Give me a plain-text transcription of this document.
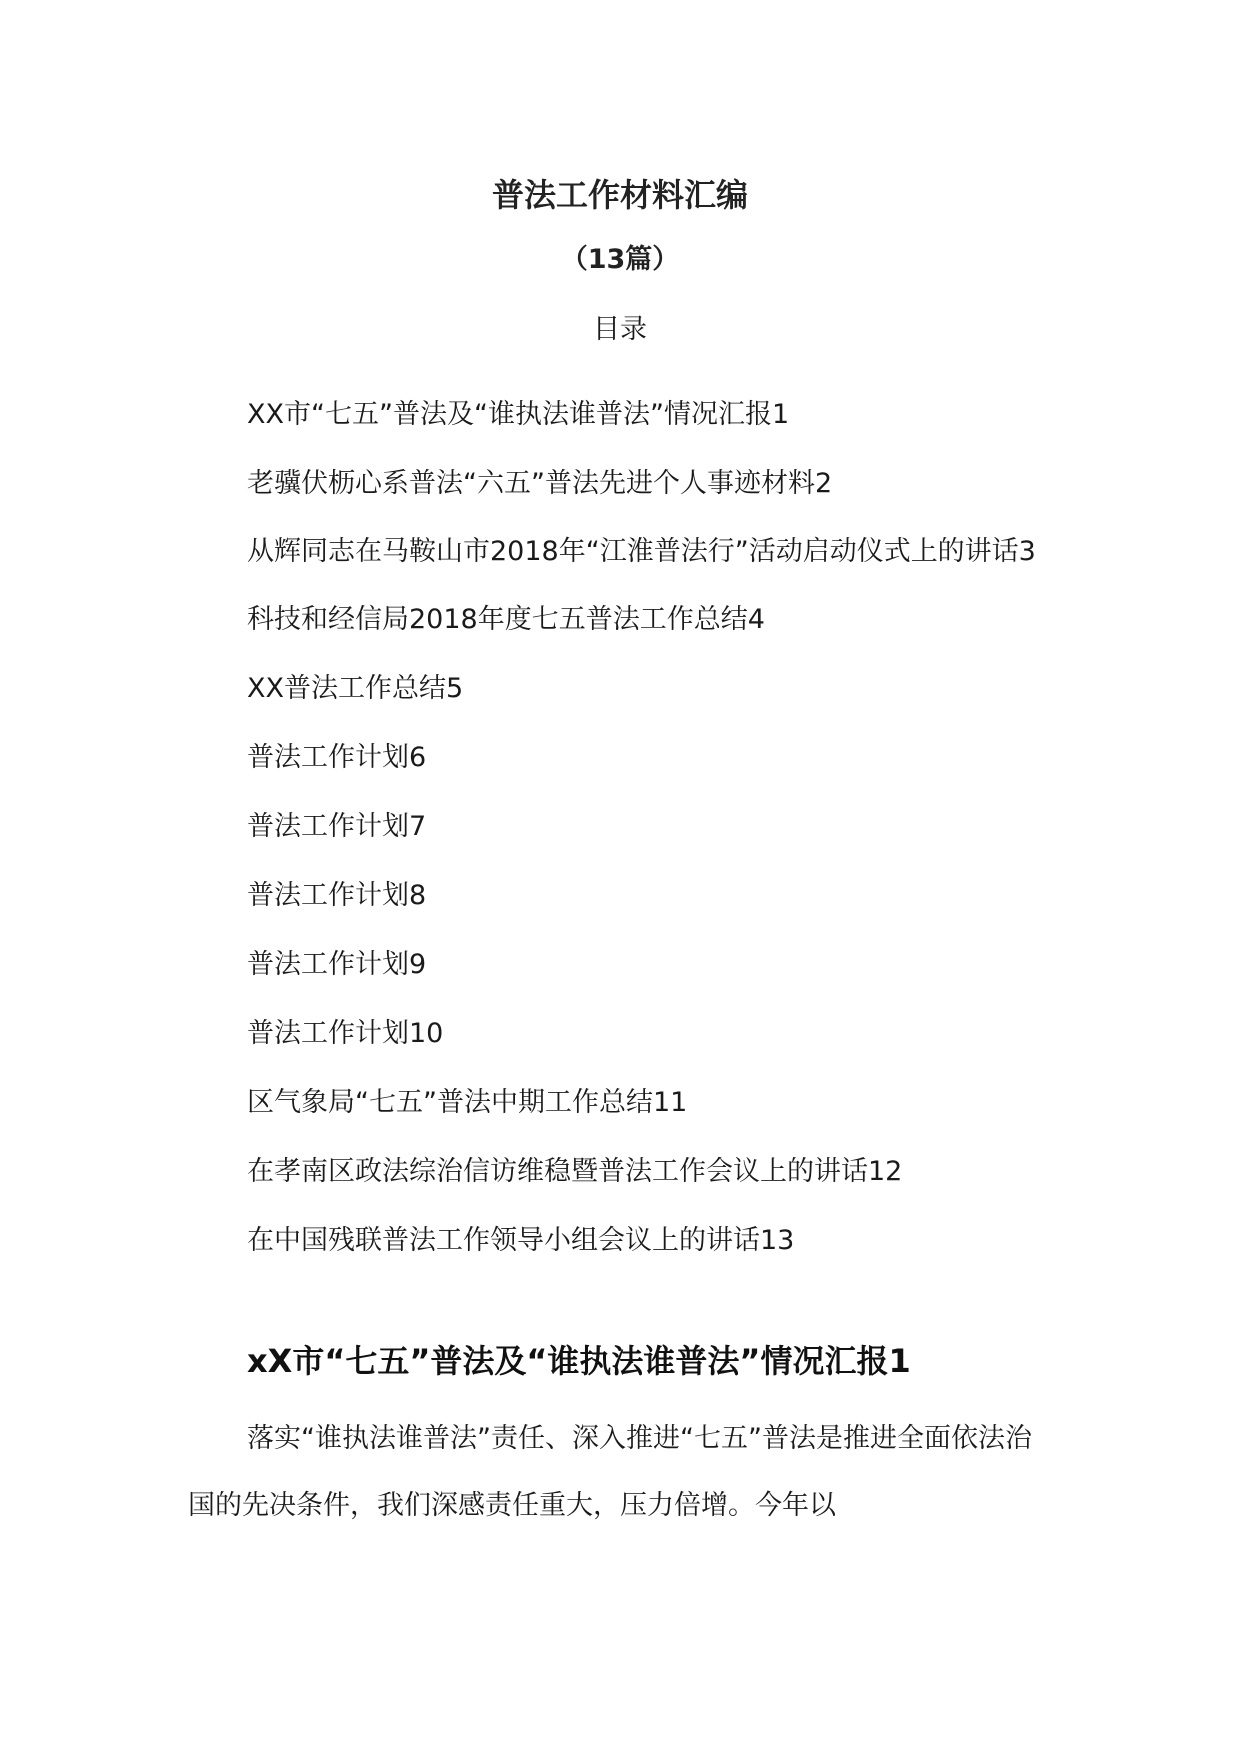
普法工作材料汇编
（13篇）
目录
XX市“七五”普法及“谁执法谁普法”情况汇报1
老骥伏枥心系普法“六五”普法先进个人事迹材料2
从辉同志在马鞍山市2018年“江淮普法行”活动启动仪式上的讲话3
科技和经信局2018年度七五普法工作总结4
XX普法工作总结5
普法工作计划6
普法工作计划7
普法工作计划8
普法工作计划9
普法工作计划10
区气象局“七五”普法中期工作总结11
在孝南区政法综治信访维稳暨普法工作会议上的讲话12
在中国残联普法工作领导小组会议上的讲话13
xX市“七五”普法及“谁执法谁普法”情况汇报1

落实“谁执法谁普法”责任、深入推进“七五”普法是推进全面依法治国的先决条件，我们深感责任重大，压力倍增。今年以
